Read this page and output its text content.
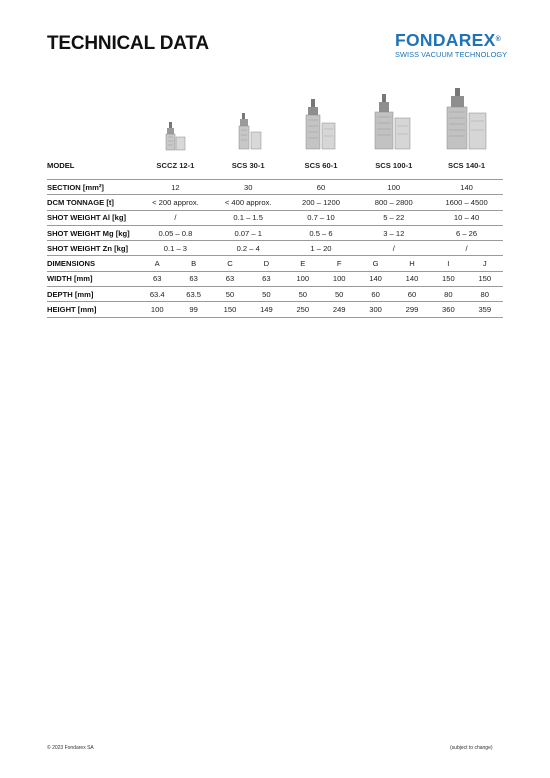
TECHNICAL DATA	FONDAREX®
SWISS VACUUM TECHNOLOGY
MODEL	SCCZ 12-1		SCS 30-1		SCS 60-1		SCS 100-1		SCS 140-1	

SECTION [mm²]	12		30		60		100		140	
DCM TONNAGE [t]	< 200 approx.		< 400 approx.		200 – 1200		800 – 2800		1600 – 4500	
SHOT WEIGHT Al [kg]	/		0.1 – 1.5		0.7 – 10		5 – 22		10 – 40	
SHOT WEIGHT Mg [kg]	0.05 – 0.8		0.07 – 1		0.5 – 6		3 – 12		6 – 26	
SHOT WEIGHT Zn [kg]	0.1 – 3		0.2 – 4		1 – 20		/		/	
DIMENSIONS	A	B	C	D	E	F	G	H	I	J
WIDTH [mm]	63	63	63	63	100	100	140	140	150	150
DEPTH [mm]	63.4	63.5	50	50	50	50	60	60	80	80
HEIGHT [mm]	100	99	150	149	250	249	300	299	360	359
© 2023 Fondarex SA	(subject to change)
